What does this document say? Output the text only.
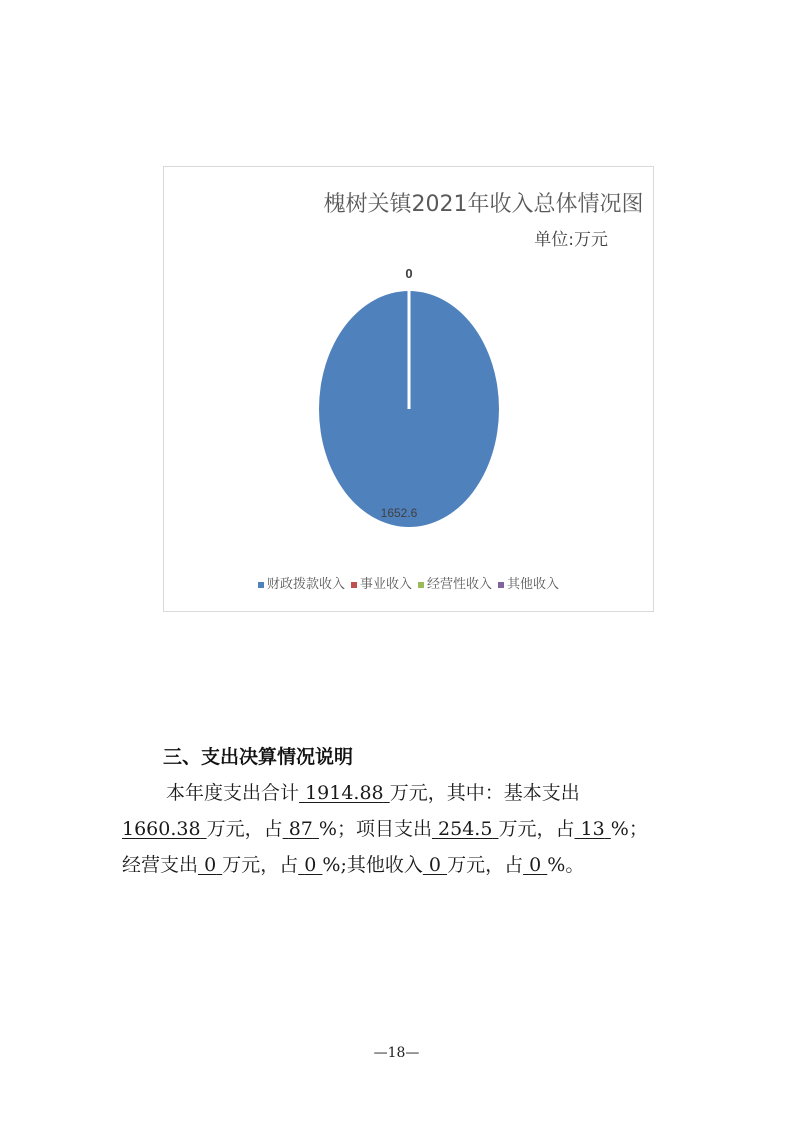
槐树关镇2021年收入总体情况图
单位:万元
1652.6
0
财政拨款收入 事业收入 经营性收入 其他收入
三、支出决算情况说明
本年度支出合计 1914.88 万元，其中：基本支出
1660.38 万元，占 87 %；项目支出 254.5 万元，占 13 %；
经营支出 0 万元，占 0 %;其他收入 0 万元，占 0 %。
—18—
